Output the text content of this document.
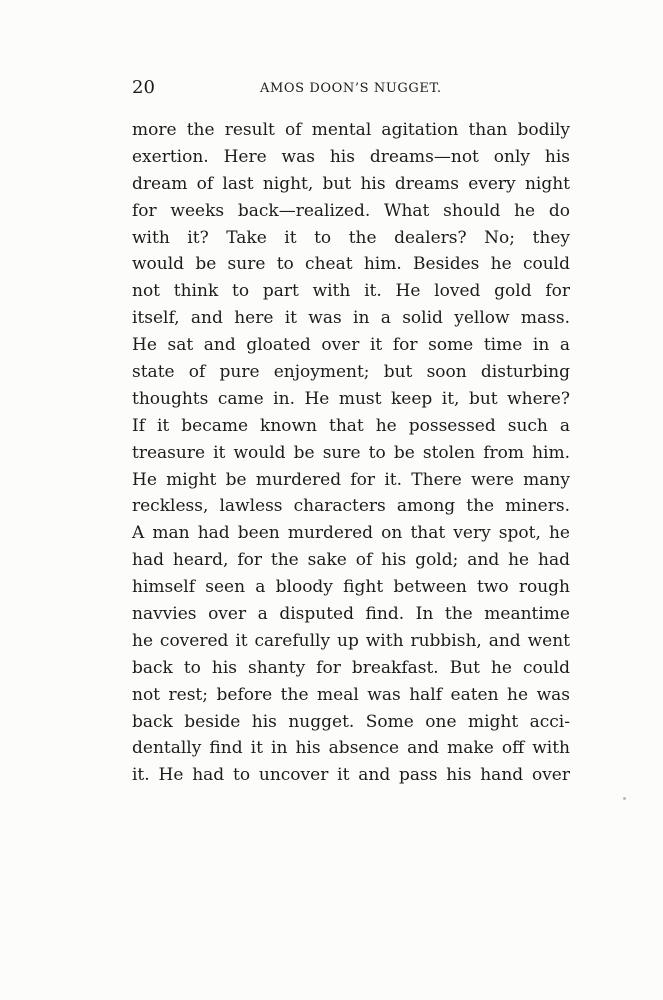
20	AMOS DOON’S NUGGET.
more the result of mental agitation than bodily
exertion. Here was his dreams—not only his
dream of last night, but his dreams every night
for weeks back—realized. What should he do
with it? Take it to the dealers? No; they
would be sure to cheat him. Besides he could
not think to part with it. He loved gold for
itself, and here it was in a solid yellow mass.
He sat and gloated over it for some time in a
state of pure enjoyment; but soon disturbing
thoughts came in. He must keep it, but where?
If it became known that he possessed such a
treasure it would be sure to be stolen from him.
He might be murdered for it. There were many
reckless, lawless characters among the miners.
A man had been murdered on that very spot, he
had heard, for the sake of his gold; and he had
himself seen a bloody fight between two rough
navvies over a disputed find. In the meantime
he covered it carefully up with rubbish, and went
back to his shanty for breakfast. But he could
not rest; before the meal was half eaten he was
back beside his nugget. Some one might acci-
dentally find it in his absence and make off with
it. He had to uncover it and pass his hand over
